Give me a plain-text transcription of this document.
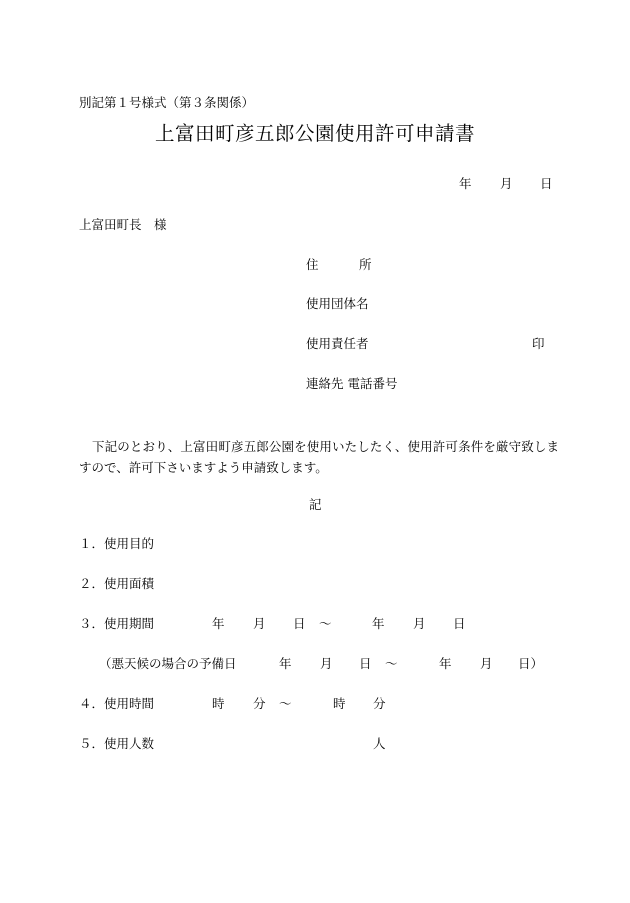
別記第１号様式（第３条関係）
上富田町彦五郎公園使用許可申請書
年 月 日
上富田町長　様
住	所
使用団体名
使用責任者	印
連絡先 電話番号
下記のとおり、上富田町彦五郎公園を使用いたしたく、使用許可条件を厳守致しますので、許可下さいますよう申請致します。
記
１．使用目的
２．使用面積
３．使用期間	年 月 日 ～	年 月 日
（悪天候の場合の予備日	年 月 日 ～	年 月 日）
４．使用時間	時 分 ～	時 分
５．使用人数	人
